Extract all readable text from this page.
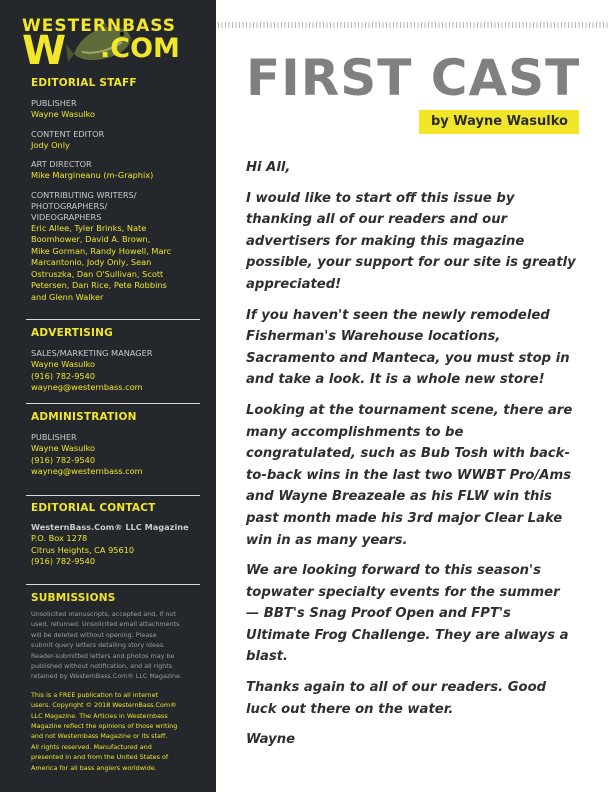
WESTERNBASS
W .COM
EDITORIAL STAFF
PUBLISHER
Wayne Wasulko
CONTENT EDITOR
Jody Only
ART DIRECTOR
Mike Margineanu (m-Graphix)
CONTRIBUTING WRITERS/
PHOTOGRAPHERS/
VIDEOGRAPHERS
Eric Allee, Tyler Brinks, Nate
Boomhower, David A. Brown,
Mike Gorman, Randy Howell, Marc
Marcantonio, Jody Only, Sean
Ostruszka, Dan O'Sullivan, Scott
Petersen, Dan Rice, Pete Robbins
and Glenn Walker
ADVERTISING
SALES/MARKETING MANAGER
Wayne Wasulko
(916) 782-9540
wayneg@westernbass.com
ADMINISTRATION
PUBLISHER
Wayne Wasulko
(916) 782-9540
wayneg@westernbass.com
EDITORIAL CONTACT
WesternBass.Com® LLC Magazine
P.O. Box 1278
Citrus Heights, CA 95610
(916) 782-9540
SUBMISSIONS
Unsolicited manuscripts, accepted and, if not
used, returned. Unsolicited email attachments
will be deleted without opening. Please
submit query letters detailing story ideas.
Reader-submitted letters and photos may be
published without notification, and all rights
retained by WesternBass.Com® LLC Magazine.
This is a FREE publication to all internet
users. Copyright © 2018 WesternBass.Com®
LLC Magazine. The Articles in Westernbass
Magazine reflect the opinions of those writing
and not Westernbass Magazine or its staff.
All rights reserved. Manufactured and
presented in and from the United States of
America for all bass anglers worldwide.
FIRST CAST
by Wayne Wasulko

Hi All,

I would like to start off this issue by thanking all of our readers and our advertisers for making this magazine possible, your support for our site is greatly appreciated!

If you haven't seen the newly remodeled Fisherman's Warehouse locations, Sacramento and Manteca, you must stop in and take a look. It is a whole new store!

Looking at the tournament scene, there are many accomplishments to be congratulated, such as Bub Tosh with back-to-back wins in the last two WWBT Pro/Ams and Wayne Breazeale as his FLW win this past month made his 3rd major Clear Lake win in as many years.

We are looking forward to this season's topwater specialty events for the summer — BBT's Snag Proof Open and FPT's Ultimate Frog Challenge. They are always a blast.

Thanks again to all of our readers. Good luck out there on the water.

Wayne
